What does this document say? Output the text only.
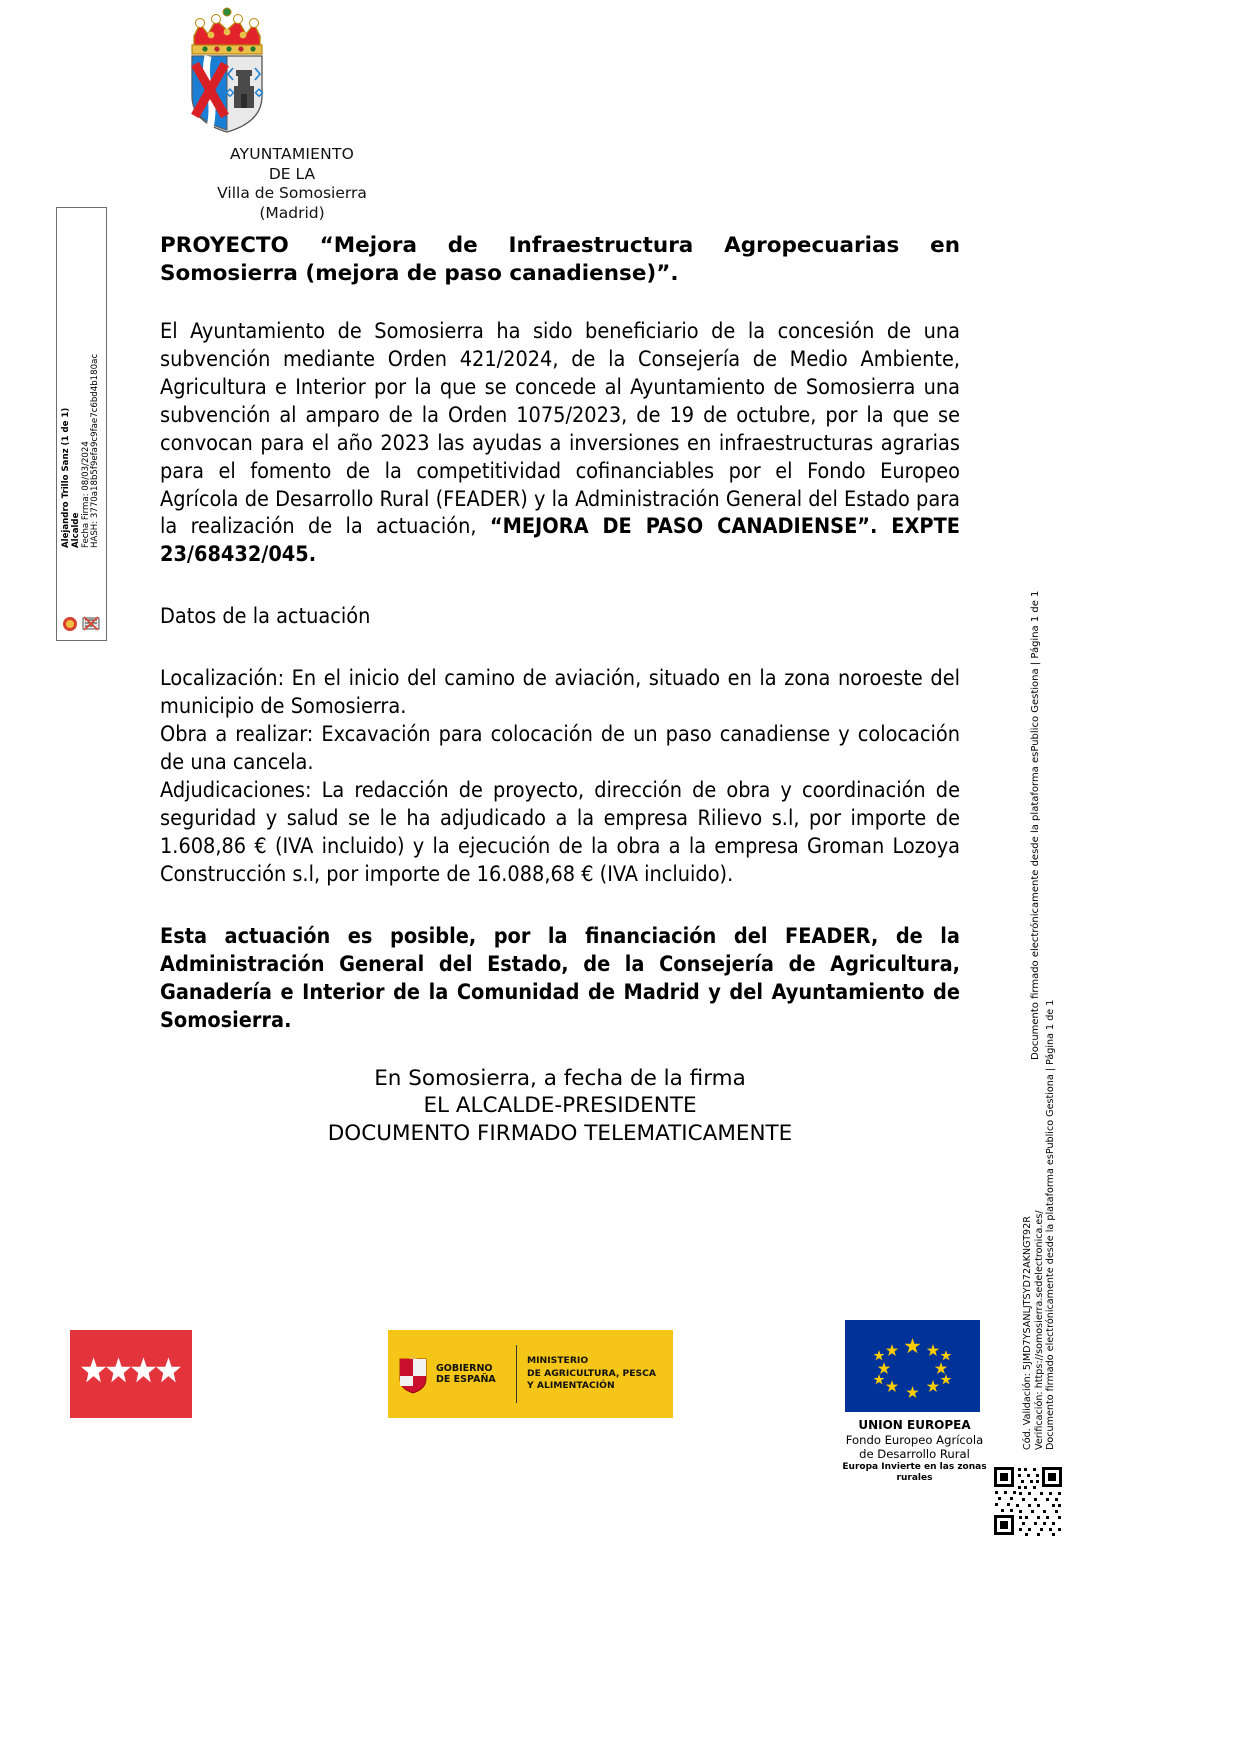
AYUNTAMIENTO
DE LA
Villa de Somosierra
(Madrid)
Alejandro Trillo Sanz (1 de 1) Alcalde Fecha Firma: 08/03/2024 HASH: 3770a18b5f9efa9c9fae7c6bd4b180ac

PROYECTO “Mejora de Infraestructura Agropecuarias en Somosierra (mejora de paso canadiense)”.

El Ayuntamiento de Somosierra ha sido beneficiario de la concesión de una subvención mediante Orden 421/2024, de la Consejería de Medio Ambiente, Agricultura e Interior por la que se concede al Ayuntamiento de Somosierra una subvención al amparo de la Orden 1075/2023, de 19 de octubre, por la que se convocan para el año 2023 las ayudas a inversiones en infraestructuras agrarias para el fomento de la competitividad cofinanciables por el Fondo Europeo Agrícola de Desarrollo Rural (FEADER) y la Administración General del Estado para la realización de la actuación, “MEJORA DE PASO CANADIENSE”. EXPTE 23/68432/045.

Datos de la actuación

Localización: En el inicio del camino de aviación, situado en la zona noroeste del municipio de Somosierra.

Obra a realizar: Excavación para colocación de un paso canadiense y colocación de una cancela.

Adjudicaciones: La redacción de proyecto, dirección de obra y coordinación de seguridad y salud se le ha adjudicado a la empresa Rilievo s.l, por importe de 1.608,86 € (IVA incluido) y la ejecución de la obra a la empresa Groman Lozoya Construcción s.l, por importe de 16.088,68 € (IVA incluido).

Esta actuación es posible, por la financiación del FEADER, de la Administración General del Estado, de la Consejería de Agricultura, Ganadería e Interior de la Comunidad de Madrid y del Ayuntamiento de Somosierra.

En Somosierra, a fecha de la firma
EL ALCALDE-PRESIDENTE
DOCUMENTO FIRMADO TELEMATICAMENTE
Documento firmado electrónicamente desde la plataforma esPublico Gestiona | Página 1 de 1
Cód. Validación: 5JMD7YSANLJTSYD72AKNGT92R Verificación: https://somosierra.sedelectronica.es/ Documento firmado electrónicamente desde la plataforma esPublico Gestiona | Página 1 de 1
GOBIERNO
DE ESPAÑA
MINISTERIO
DE AGRICULTURA, PESCA
Y ALIMENTACIÓN
UNION EUROPEA
Fondo Europeo Agrícola
de Desarrollo Rural
Europa Invierte en las zonas rurales
